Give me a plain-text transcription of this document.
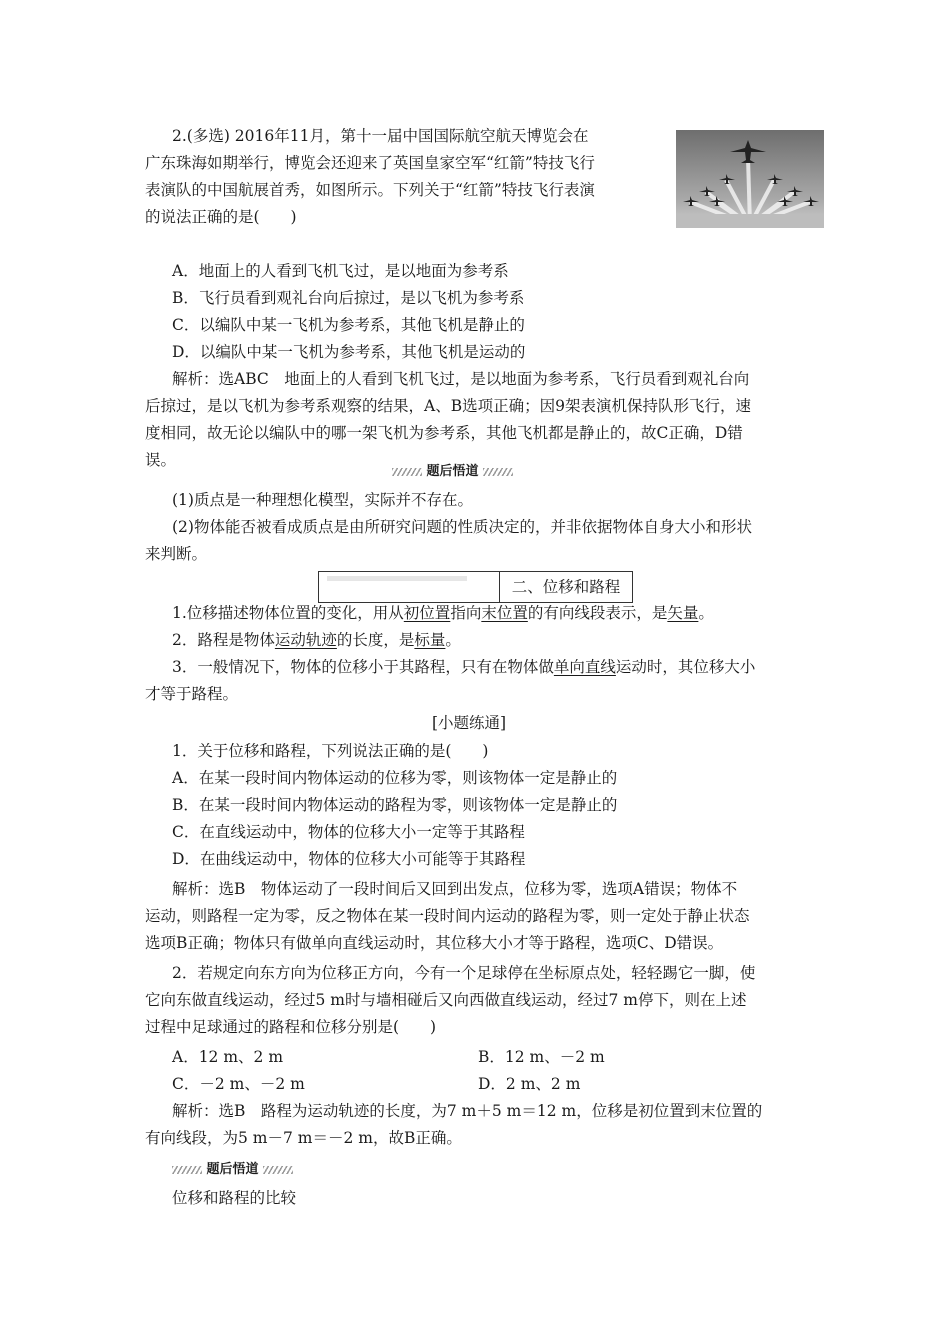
2.(多选) 2016年11月，第十一届中国国际航空航天博览会在
广东珠海如期举行，博览会还迎来了英国皇家空军“红箭”特技飞行
表演队的中国航展首秀，如图所示。下列关于“红箭”特技飞行表演
的说法正确的是(　　)
A．地面上的人看到飞机飞过，是以地面为参考系
B．飞行员看到观礼台向后掠过，是以飞机为参考系
C．以编队中某一飞机为参考系，其他飞机是静止的
D．以编队中某一飞机为参考系，其他飞机是运动的
解析：选ABC　地面上的人看到飞机飞过，是以地面为参考系，飞行员看到观礼台向
后掠过，是以飞机为参考系观察的结果，A、B选项正确；因9架表演机保持队形飞行，速
度相同，故无论以编队中的哪一架飞机为参考系，其他飞机都是静止的，故C正确，D错
误。
题后悟道
(1)质点是一种理想化模型，实际并不存在。
(2)物体能否被看成质点是由所研究问题的性质决定的，并非依据物体自身大小和形状
来判断。
二、位移和路程
1.位移描述物体位置的变化，用从初位置指向末位置的有向线段表示，是矢量。
2．路程是物体运动轨迹的长度，是标量。
3．一般情况下，物体的位移小于其路程，只有在物体做单向直线运动时，其位移大小
才等于路程。
[小题练通]
1．关于位移和路程，下列说法正确的是(　　)
A．在某一段时间内物体运动的位移为零，则该物体一定是静止的
B．在某一段时间内物体运动的路程为零，则该物体一定是静止的
C．在直线运动中，物体的位移大小一定等于其路程
D．在曲线运动中，物体的位移大小可能等于其路程
解析：选B　物体运动了一段时间后又回到出发点，位移为零，选项A错误；物体不
运动，则路程一定为零，反之物体在某一段时间内运动的路程为零，则一定处于静止状态
选项B正确；物体只有做单向直线运动时，其位移大小才等于路程，选项C、D错误。
2．若规定向东方向为位移正方向，今有一个足球停在坐标原点处，轻轻踢它一脚，使
它向东做直线运动，经过5 m时与墙相碰后又向西做直线运动，经过7 m停下，则在上述
过程中足球通过的路程和位移分别是(　　)
A．12 m、2 m	B．12 m、－2 m
C．－2 m、－2 m	D．2 m、2 m
解析：选B　路程为运动轨迹的长度，为7 m＋5 m＝12 m，位移是初位置到末位置的
有向线段，为5 m－7 m＝－2 m，故B正确。
题后悟道
位移和路程的比较
